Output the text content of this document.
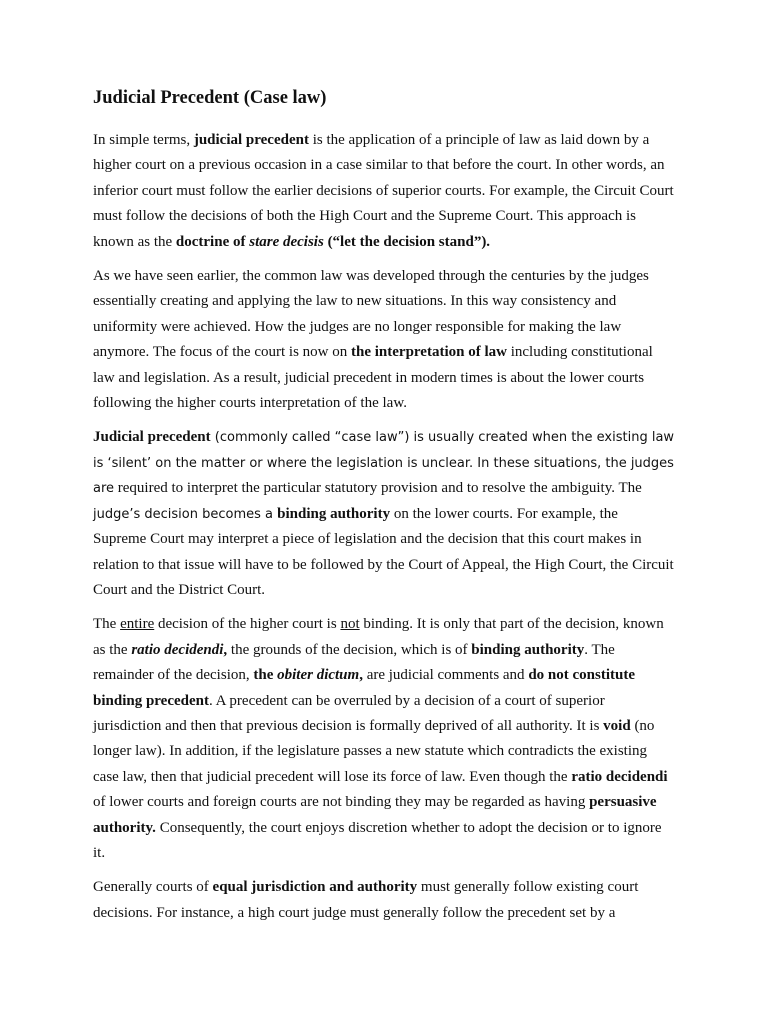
Judicial Precedent (Case law)

In simple terms, judicial precedent is the application of a principle of law as laid down by a higher court on a previous occasion in a case similar to that before the court. In other words, an inferior court must follow the earlier decisions of superior courts. For example, the Circuit Court must follow the decisions of both the High Court and the Supreme Court. This approach is known as the doctrine of stare decisis (“let the decision stand”).

As we have seen earlier, the common law was developed through the centuries by the judges essentially creating and applying the law to new situations. In this way consistency and uniformity were achieved. How the judges are no longer responsible for making the law anymore. The focus of the court is now on the interpretation of law including constitutional law and legislation. As a result, judicial precedent in modern times is about the lower courts following the higher courts interpretation of the law.

Judicial precedent (commonly called “case law”) is usually created when the existing law is ‘silent’ on the matter or where the legislation is unclear. In these situations, the judges are required to interpret the particular statutory provision and to resolve the ambiguity. The judge’s decision becomes a binding authority on the lower courts. For example, the Supreme Court may interpret a piece of legislation and the decision that this court makes in relation to that issue will have to be followed by the Court of Appeal, the High Court, the Circuit Court and the District Court.

The entire decision of the higher court is not binding. It is only that part of the decision, known as the ratio decidendi, the grounds of the decision, which is of binding authority. The remainder of the decision, the obiter dictum, are judicial comments and do not constitute binding precedent. A precedent can be overruled by a decision of a court of superior jurisdiction and then that previous decision is formally deprived of all authority. It is void (no longer law). In addition, if the legislature passes a new statute which contradicts the existing case law, then that judicial precedent will lose its force of law. Even though the ratio decidendi of lower courts and foreign courts are not binding they may be regarded as having persuasive authority. Consequently, the court enjoys discretion whether to adopt the decision or to ignore it.

Generally courts of equal jurisdiction and authority must generally follow existing court decisions. For instance, a high court judge must generally follow the precedent set by a
